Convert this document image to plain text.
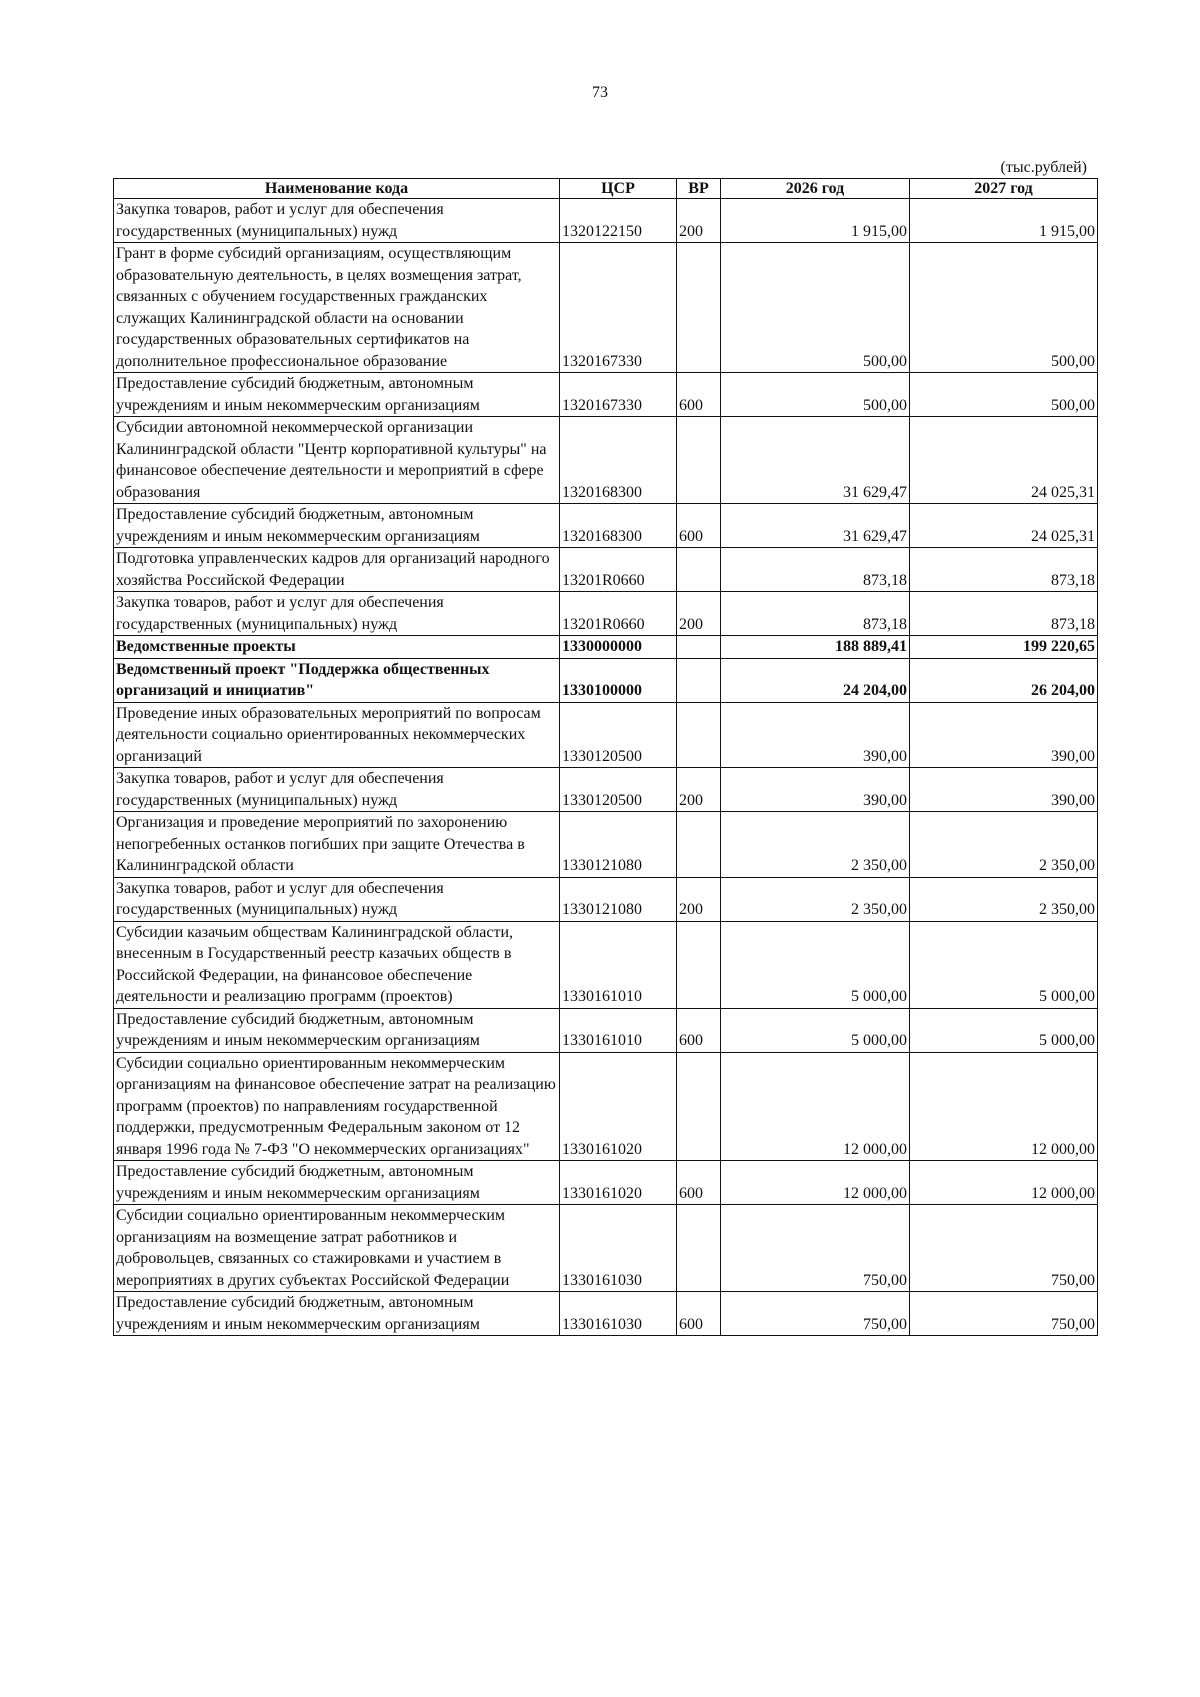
73
(тыс.рублей)
Наименование кода	ЦСР	ВР	2026 год	2027 год
Закупка товаров, работ и услуг для обеспечения государственных (муниципальных) нужд	1320122150	200	1 915,00	1 915,00
Грант в форме субсидий организациям, осуществляющим образовательную деятельность, в целях возмещения затрат, связанных с обучением государственных гражданских служащих Калининградской области на основании государственных образовательных сертификатов на дополнительное профессиональное образование	1320167330		500,00	500,00
Предоставление субсидий бюджетным, автономным учреждениям и иным некоммерческим организациям	1320167330	600	500,00	500,00
Субсидии автономной некоммерческой организации Калининградской области "Центр корпоративной культуры" на финансовое обеспечение деятельности и мероприятий в сфере образования	1320168300		31 629,47	24 025,31
Предоставление субсидий бюджетным, автономным учреждениям и иным некоммерческим организациям	1320168300	600	31 629,47	24 025,31
Подготовка управленческих кадров для организаций народного хозяйства Российской Федерации	13201R0660		873,18	873,18
Закупка товаров, работ и услуг для обеспечения государственных (муниципальных) нужд	13201R0660	200	873,18	873,18
Ведомственные проекты	1330000000		188 889,41	199 220,65
Ведомственный проект "Поддержка общественных организаций и инициатив"	1330100000		24 204,00	26 204,00
Проведение иных образовательных мероприятий по вопросам деятельности социально ориентированных некоммерческих организаций	1330120500		390,00	390,00
Закупка товаров, работ и услуг для обеспечения государственных (муниципальных) нужд	1330120500	200	390,00	390,00
Организация и проведение мероприятий по захоронению непогребенных останков погибших при защите Отечества в Калининградской области	1330121080		2 350,00	2 350,00
Закупка товаров, работ и услуг для обеспечения государственных (муниципальных) нужд	1330121080	200	2 350,00	2 350,00
Субсидии казачьим обществам Калининградской области, внесенным в Государственный реестр казачьих обществ в Российской Федерации, на финансовое обеспечение деятельности и реализацию программ (проектов)	1330161010		5 000,00	5 000,00
Предоставление субсидий бюджетным, автономным учреждениям и иным некоммерческим организациям	1330161010	600	5 000,00	5 000,00
Субсидии социально ориентированным некоммерческим организациям на финансовое обеспечение затрат на реализацию программ (проектов) по направлениям государственной поддержки, предусмотренным Федеральным законом от 12 января 1996 года № 7-ФЗ "О некоммерческих организациях"	1330161020		12 000,00	12 000,00
Предоставление субсидий бюджетным, автономным учреждениям и иным некоммерческим организациям	1330161020	600	12 000,00	12 000,00
Субсидии социально ориентированным некоммерческим организациям на возмещение затрат работников и добровольцев, связанных со стажировками и участием в мероприятиях в других субъектах Российской Федерации	1330161030		750,00	750,00
Предоставление субсидий бюджетным, автономным учреждениям и иным некоммерческим организациям	1330161030	600	750,00	750,00
